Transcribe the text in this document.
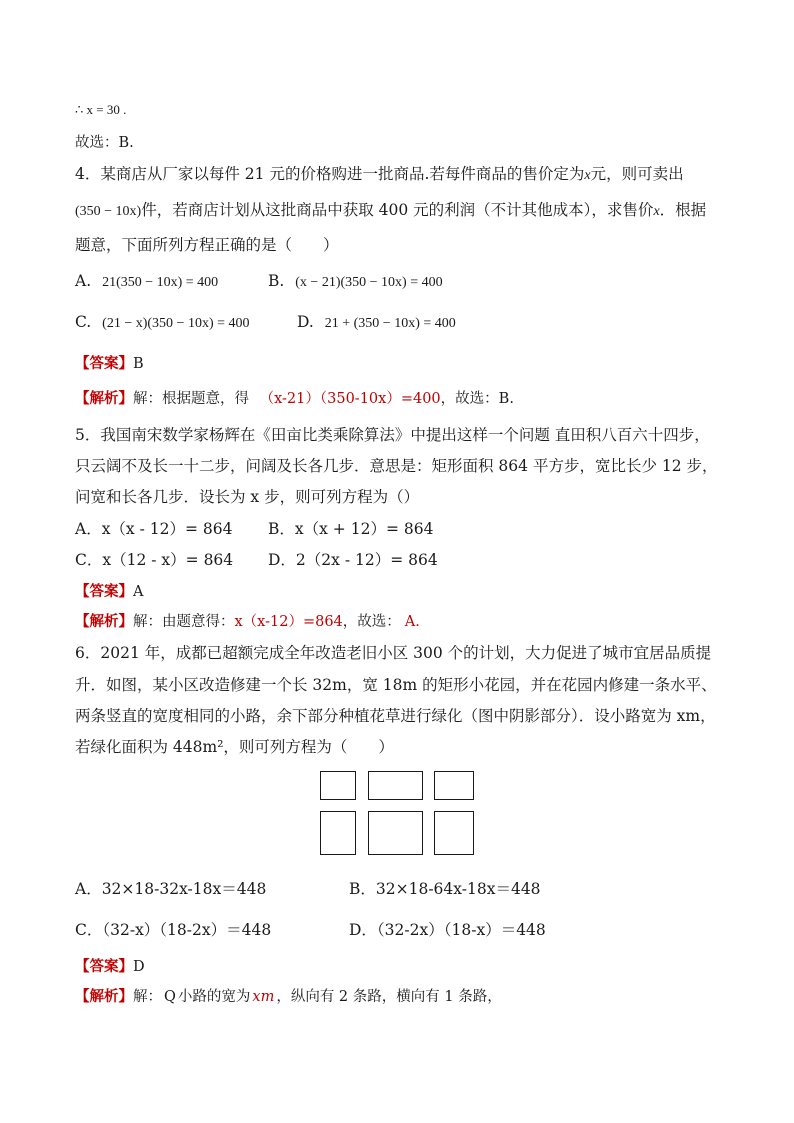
∴ x = 30 .
故选：B.
4．某商店从厂家以每件 21 元的价格购进一批商品.若每件商品的售价定为x元，则可卖出
(350 − 10x)件，若商店计划从这批商品中获取 400 元的利润（不计其他成本），求售价x．根据
题意，下面所列方程正确的是（　　）
A. 21(350 − 10x) = 400	B. (x − 21)(350 − 10x) = 400
C. (21 − x)(350 − 10x) = 400	D. 21 + (350 − 10x) = 400
【答案】B
【解析】解：根据题意，得 （x-21）（350-10x）=400，故选：B.
5．我国南宋数学家杨辉在《田亩比类乘除算法》中提出这样一个问题 直田积八百六十四步，
只云阔不及长一十二步，问阔及长各几步．意思是：矩形面积 864 平方步，宽比长少 12 步，
问宽和长各几步．设长为 x 步，则可列方程为（）
A．x（x - 12）= 864 B．x（x + 12）= 864
C．x（12 - x）= 864 D．2（2x - 12）= 864
【答案】A
【解析】解：由题意得：x（x-12）=864，故选： A．
6．2021 年，成都已超额完成全年改造老旧小区 300 个的计划，大力促进了城市宜居品质提
升．如图，某小区改造修建一个长 32m，宽 18m 的矩形小花园，并在花园内修建一条水平、
两条竖直的宽度相同的小路，余下部分种植花草进行绿化（图中阴影部分）．设小路宽为 xm，
若绿化面积为 448m²，则可列方程为（　　）
A．32×18-32x-18x＝448	B．32×18-64x-18x＝448
C．（32-x）（18-2x）＝448	D．（32-2x）（18-x）＝448
【答案】D
【解析】解： Q 小路的宽为 xm ，纵向有 2 条路，横向有 1 条路，
